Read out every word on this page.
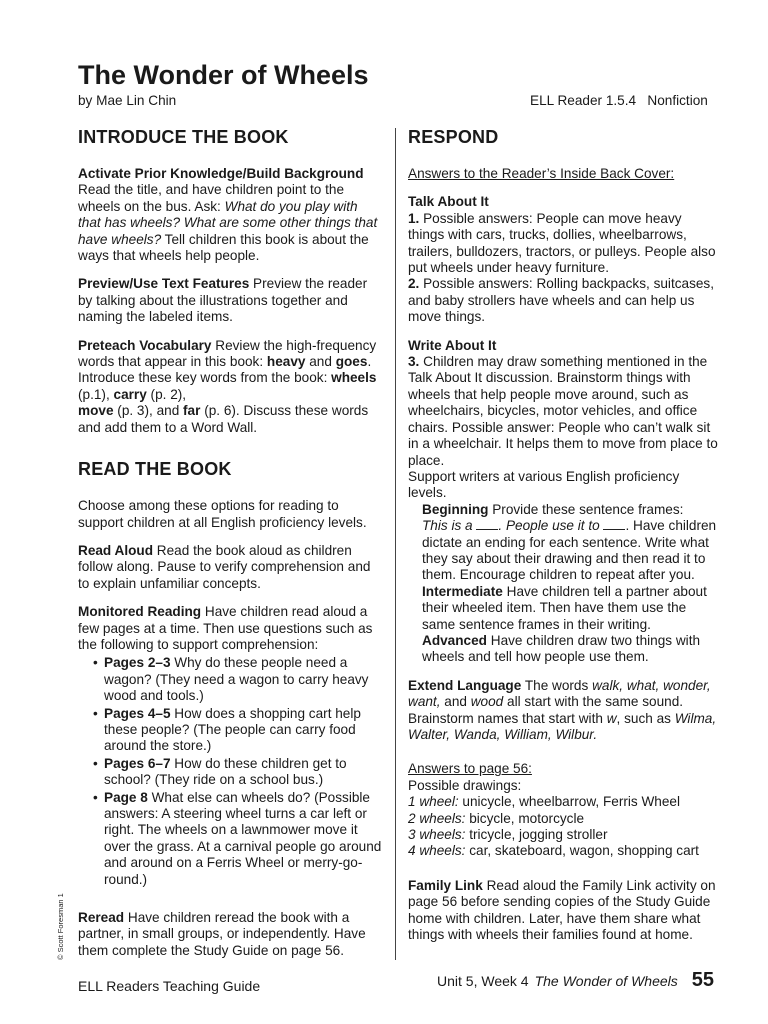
The Wonder of Wheels
by Mae Lin Chin	ELL Reader 1.5.4   Nonfiction
INTRODUCE THE BOOK

Activate Prior Knowledge/Build Background Read the title, and have children point to the wheels on the bus. Ask: What do you play with that has wheels? What are some other things that have wheels? Tell children this book is about the ways that wheels help people.

Preview/Use Text Features Preview the reader by talking about the illustrations together and naming the labeled items.

Preteach Vocabulary Review the high-frequency words that appear in this book: heavy and goes. Introduce these key words from the book: wheels (p.1), carry (p. 2),
move (p. 3), and far (p. 6). Discuss these words and add them to a Word Wall.

READ THE BOOK

Choose among these options for reading to support children at all English proficiency levels.

Read Aloud Read the book aloud as children follow along. Pause to verify comprehension and to explain unfamiliar concepts.

Monitored Reading Have children read aloud a few pages at a time. Then use questions such as the following to support comprehension:

• Pages 2–3 Why do these people need a wagon? (They need a wagon to carry heavy wood and tools.)
• Pages 4–5 How does a shopping cart help these people? (The people can carry food around the store.)
• Pages 6–7 How do these children get to school? (They ride on a school bus.)
• Page 8 What else can wheels do? (Possible answers: A steering wheel turns a car left or right. The wheels on a lawnmower move it over the grass. At a carnival people go around and around on a Ferris Wheel or merry-go-round.)

Reread Have children reread the book with a partner, in small groups, or independently. Have them complete the Study Guide on page 56.

RESPOND

Answers to the Reader’s Inside Back Cover:

Talk About It
1. Possible answers: People can move heavy things with cars, trucks, dollies, wheelbarrows, trailers, bulldozers, tractors, or pulleys. People also put wheels under heavy furniture.

2. Possible answers: Rolling backpacks, suitcases, and baby strollers have wheels and can help us move things.

Write About It
3. Children may draw something mentioned in the Talk About It discussion. Brainstorm things with wheels that help people move around, such as wheelchairs, bicycles, motor vehicles, and office chairs. Possible answer: People who can’t walk sit in a wheelchair. It helps them to move from place to place.
Support writers at various English proficiency levels.
Beginning Provide these sentence frames:
This is a . People use it to . Have children dictate an ending for each sentence. Write what they say about their drawing and then read it to them. Encourage children to repeat after you.
Intermediate Have children tell a partner about their wheeled item. Then have them use the same sentence frames in their writing.

Advanced Have children draw two things with wheels and tell how people use them.

Extend Language The words walk, what, wonder, want, and wood all start with the same sound. Brainstorm names that start with w, such as Wilma, Walter, Wanda, William, Wilbur.

Answers to page 56:
Possible drawings:
1 wheel: unicycle, wheelbarrow, Ferris Wheel
2 wheels: bicycle, motorcycle
3 wheels: tricycle, jogging stroller

4 wheels: car, skateboard, wagon, shopping cart

Family Link Read aloud the Family Link activity on page 56 before sending copies of the Study Guide home with children. Later, have them share what things with wheels their families found at home.

© Scott Foresman 1
ELL Readers Teaching Guide	Unit 5, Week 4 The Wonder of Wheels 55
